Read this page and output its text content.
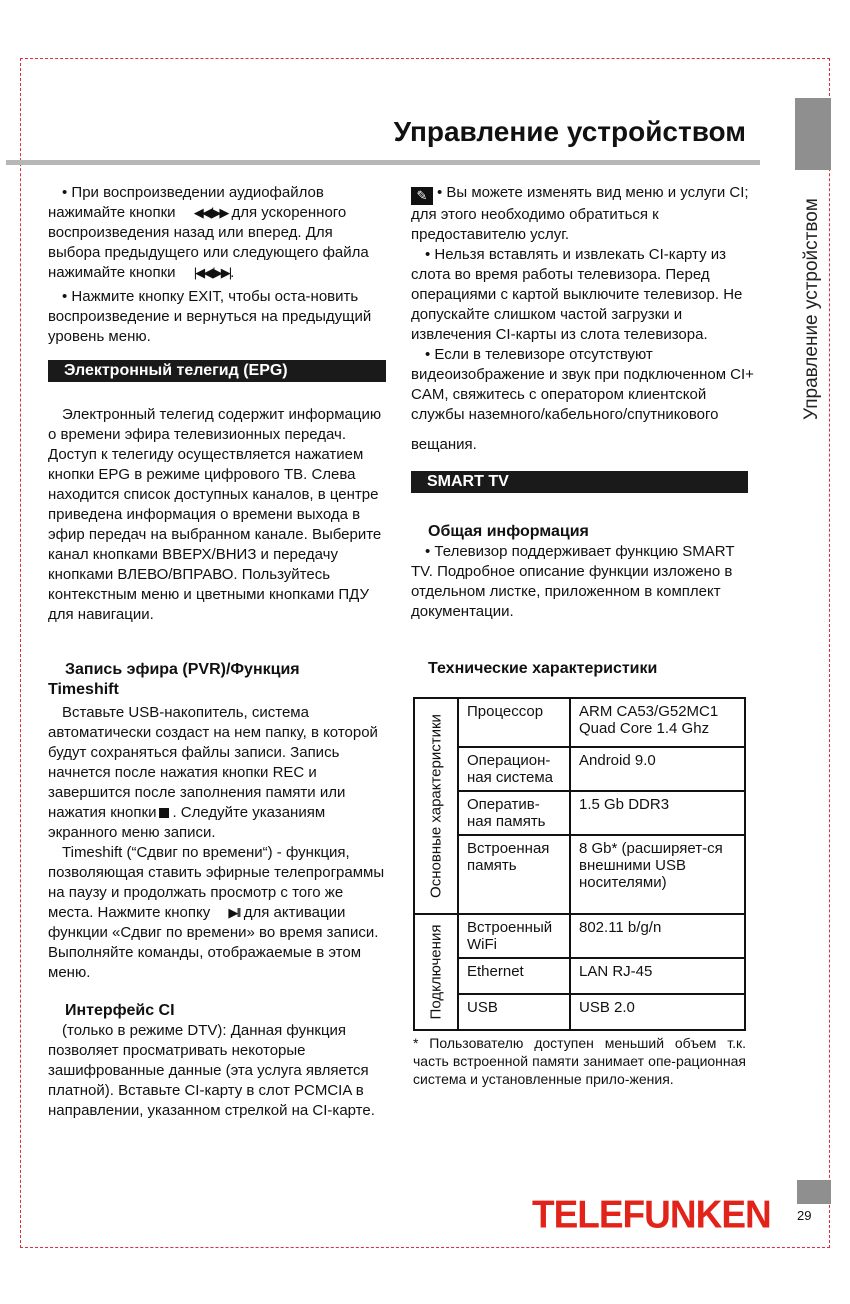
Управление устройством
Управление устройством

• При воспроизведении аудиофайлов нажимайте кнопки ◀◀/▶▶ для ускоренного воспроизведения назад или вперед. Для выбора предыдущего или следующего файла нажимайте кнопки |◀◀/▶▶|.

• Нажмите кнопку EXIT, чтобы оста-новить воспроизведение и вернуться на предыдущий уровень меню.

Электронный телегид (EPG)

Электронный телегид содержит информацию о времени эфира телевизионных передач. Доступ к телегиду осуществляется нажатием кнопки EPG в режиме цифрового ТВ. Слева находится список доступных каналов, в центре приведена информация о времени выхода в эфир передач на выбранном канале. Выберите канал кнопками ВВЕРХ/ВНИЗ и передачу кнопками ВЛЕВО/ВПРАВО. Пользуйтесь контекстным меню и цветными кнопками ПДУ для навигации.

Запись эфира (PVR)/Функция
Timeshift

Вставьте USB-накопитель, система автоматически создаст на нем папку, в которой будут сохраняться файлы записи. Запись начнется после нажатия кнопки REC и завершится после заполнения памяти или нажатия кнопки . Следуйте указаниям экранного меню записи.

Timeshift (“Сдвиг по времени“) - функция, позволяющая ставить эфирные телепрограммы на паузу и продолжать просмотр с того же места. Нажмите кнопку ▶II для активации функции «Сдвиг по времени» во время записи. Выполняйте команды, отображаемые в этом меню.

Интерфейс CI

(только в режиме DTV): Данная функция позволяет просматривать некоторые зашифрованные данные (эта услуга является платной). Вставьте CI-карту в слот PCMCIA в направлении, указанном стрелкой на CI-карте.

✎ • Вы можете изменять вид меню и услуги CI; для этого необходимо обратиться к предоставителю услуг.

• Нельзя вставлять и извлекать CI-карту из слота во время работы телевизора. Перед операциями с картой выключите телевизор. Не допускайте слишком частой загрузки и извлечения CI-карты из слота телевизора.

• Если в телевизоре отсутствуют видеоизображение и звук при подключенном CI+ CAM, свяжитесь с оператором клиентской службы наземного/кабельного/спутникового

вещания.

SMART TV
Общая информация

• Телевизор поддерживает функцию SMART TV. Подробное описание функции изложено в отдельном листке, приложенном в комплект документации.

Технические характеристики
Основные характеристики	Процессор	ARM CA53/G52MC1 Quad Core 1.4 Ghz
	Операцион-ная система	Android 9.0
	Оператив-ная память	1.5 Gb DDR3
	Встроенная память	8 Gb* (расширяет-ся внешними USB носителями)

Подключения	Встроенный WiFi	802.11 b/g/n
	Ethernet	LAN RJ-45
	USB	USB 2.0
* Пользователю доступен меньший объем т.к. часть встроенной памяти занимает опе-рационная система и установленные прило-жения.
TELEFUNKEN 29
